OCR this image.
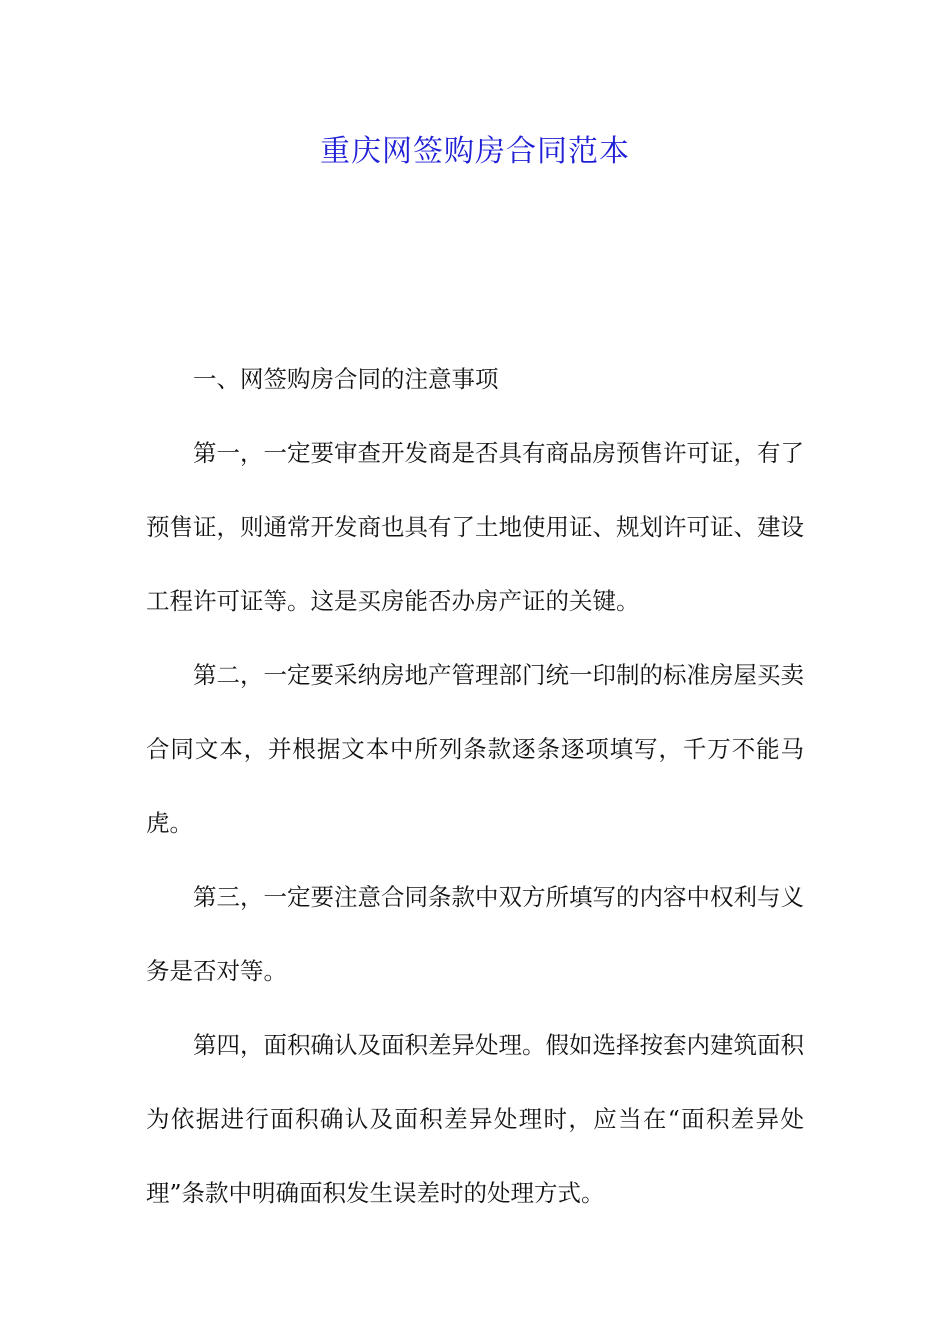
重庆网签购房合同范本

一、网签购房合同的注意事项

第一，一定要审查开发商是否具有商品房预售许可证，有了预售证，则通常开发商也具有了土地使用证、规划许可证、建设工程许可证等。这是买房能否办房产证的关键。

第二，一定要采纳房地产管理部门统一印制的标准房屋买卖合同文本，并根据文本中所列条款逐条逐项填写，千万不能马虎。

第三，一定要注意合同条款中双方所填写的内容中权利与义务是否对等。

第四，面积确认及面积差异处理。假如选择按套内建筑面积为依据进行面积确认及面积差异处理时，应当在“面积差异处理”条款中明确面积发生误差时的处理方式。
